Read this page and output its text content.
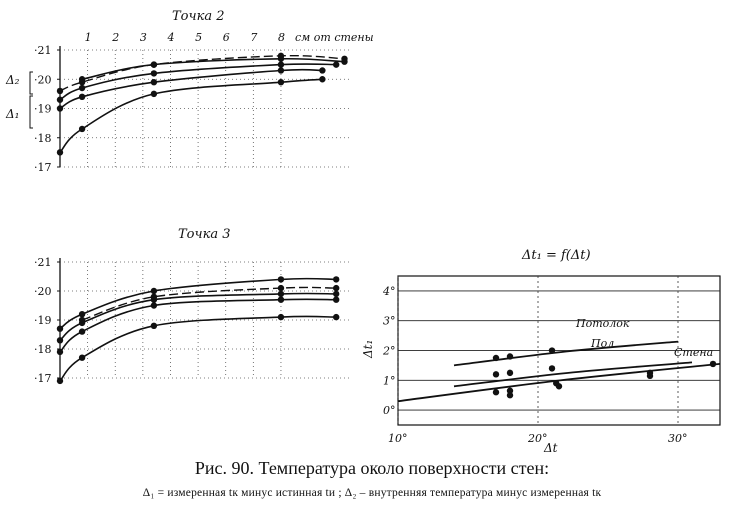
Точка 2
см от стены
Δ₂
Δ₁
·17
·18
·19
·20
·21
1 2 3 4 5 6 7 8
Точка 3
·17
·18
·19
·20
·21	Δt₁ = f(Δt)
Δt₁
Δt
Потолок
Пол
Стена
0°
1°
2°
3°
4°
10°	20°	30°
Рис. 90. Температура около поверхности стен:
Δ₁ = измеренная tк минус истинная tи ; Δ₂ – внутренняя температура минус измеренная tк
